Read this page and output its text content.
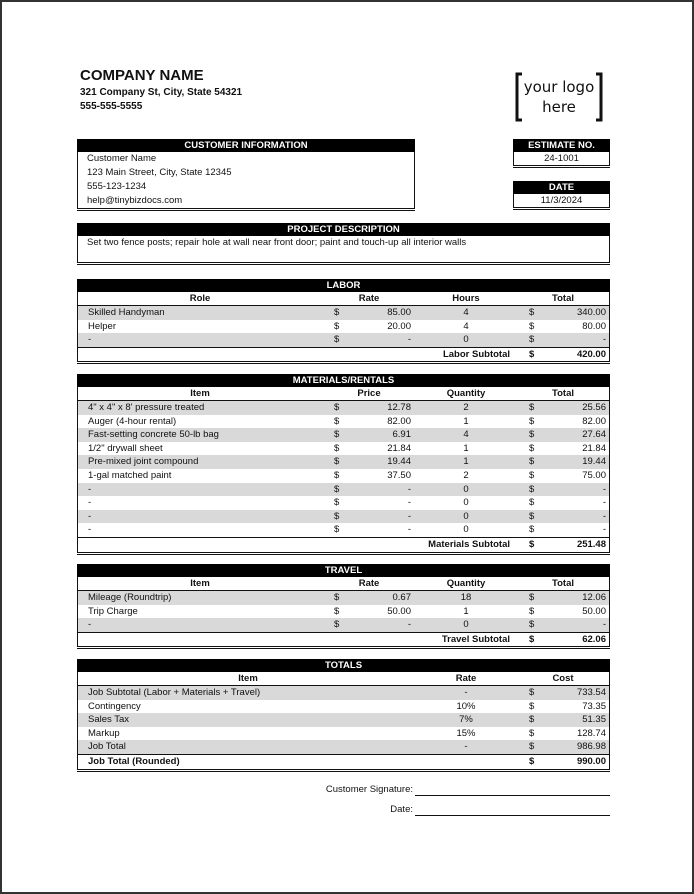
COMPANY NAME
321 Company St, City, State 54321
555-555-5555
your logo
here
CUSTOMER INFORMATION
Customer Name
123 Main Street, City, State 12345
555-123-1234
help@tinybizdocs.com
ESTIMATE NO.
24-1001
DATE
11/3/2024
PROJECT DESCRIPTION
Set two fence posts; repair hole at wall near front door; paint and touch-up all interior walls
LABOR
Role	Rate	Hours	Total
Skilled Handyman	$	85.00	4	$	340.00
Helper	$	20.00	4	$	80.00
-	$	-	0	$	-
Labor Subtotal $	420.00
MATERIALS/RENTALS
Item	Price	Quantity	Total
4" x 4" x 8' pressure treated	$	12.78	2	$	25.56
Auger (4-hour rental)	$	82.00	1	$	82.00
Fast-setting concrete 50-lb bag	$	6.91	4	$	27.64
1/2" drywall sheet	$	21.84	1	$	21.84
Pre-mixed joint compound	$	19.44	1	$	19.44
1-gal matched paint	$	37.50	2	$	75.00
-	$	-	0	$	-
-	$	-	0	$	-
-	$	-	0	$	-
-	$	-	0	$	-
Materials Subtotal $	251.48
TRAVEL
Item	Rate	Quantity	Total
Mileage (Roundtrip)	$	0.67	18	$	12.06
Trip Charge	$	50.00	1	$	50.00
-	$	-	0	$	-
Travel Subtotal $	62.06
TOTALS
Item	Rate	Cost
Job Subtotal (Labor + Materials + Travel)	-	$	733.54
Contingency	10%	$	73.35
Sales Tax	7%	$	51.35
Markup	15%	$	128.74
Job Total	-	$	986.98
Job Total (Rounded)	$	990.00
Customer Signature:
Date:
